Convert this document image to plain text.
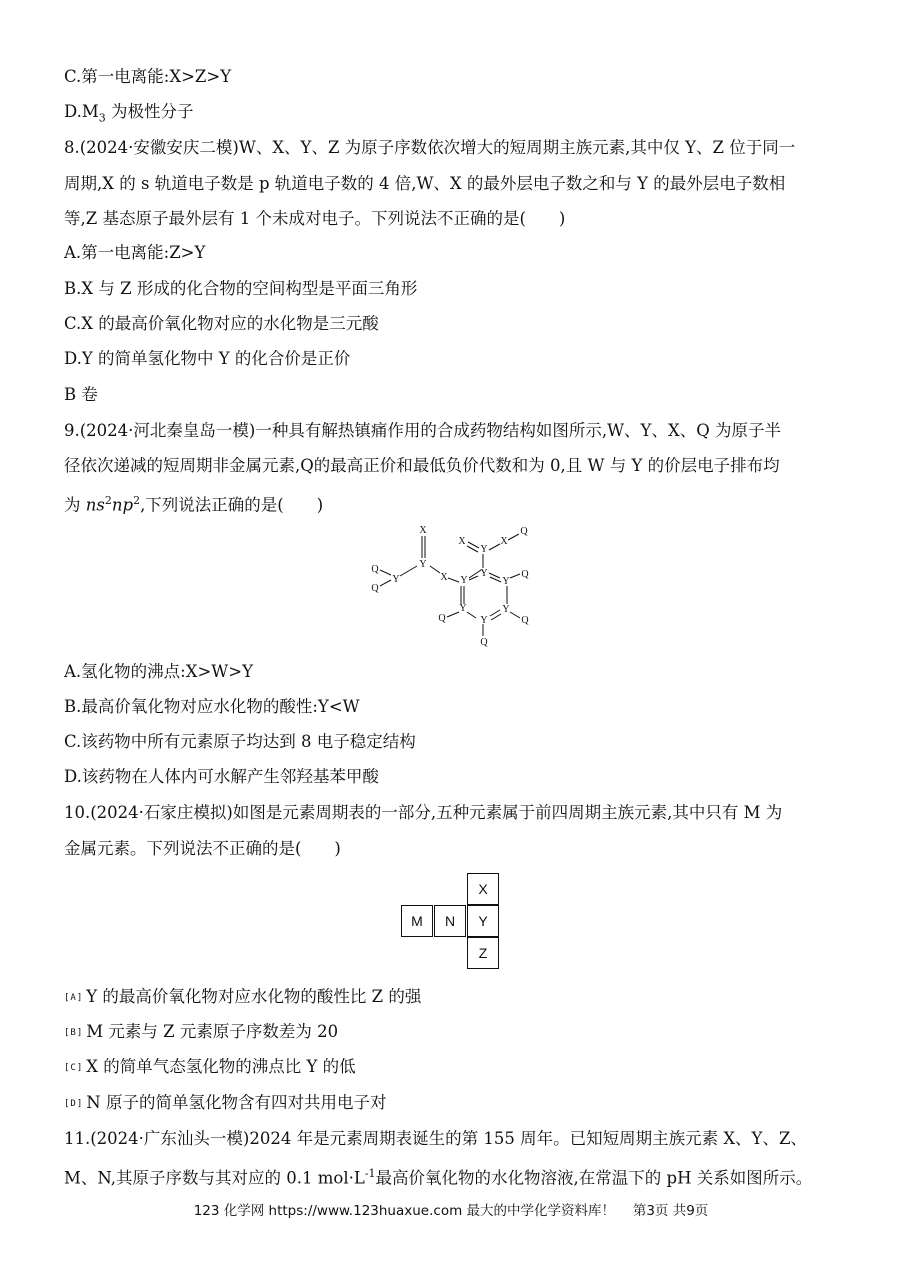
C.第一电离能:X>Z>Y
$D.M_3$ 为极性分子
8.(2024·安徽安庆二模)W、X、Y、Z 为原子序数依次增大的短周期主族元素,其中仅 Y、Z 位于同一
周期,X 的 s 轨道电子数是 p 轨道电子数的 4 倍,W、X 的最外层电子数之和与 Y 的最外层电子数相
等,Z 基态原子最外层有 1 个未成对电子。下列说法不正确的是(　　)
A.第一电离能:Z>Y
B.X 与 Z 形成的化合物的空间构型是平面三角形
C.X 的最高价氧化物对应的水化物是三元酸
D.Y 的简单氢化物中 Y 的化合价是正价
B 卷
9.(2024·河北秦皇岛一模)一种具有解热镇痛作用的合成药物结构如图所示,W、Y、X、Q 为原子半
径依次递减的短周期非金属元素,Q的最高正价和最低负价代数和为 0,且 W 与 Y 的价层电子排布均
为 $ns^2np^2$,下列说法正确的是(　　)
X
Y
Q
Q
Y	X Y
X
Y
X
Q
Y	Q
Y
Q
Y
Q
Y
Q
Y
A.氢化物的沸点:X>W>Y
B.最高价氧化物对应水化物的酸性:Y<W
C.该药物中所有元素原子均达到 8 电子稳定结构
D.该药物在人体内可水解产生邻羟基苯甲酸
10.(2024·石家庄模拟)如图是元素周期表的一部分,五种元素属于前四周期主族元素,其中只有 M 为
金属元素。下列说法不正确的是(　　)
X
M	N	Y
Z
[A] Y 的最高价氧化物对应水化物的酸性比 Z 的强
[B] M 元素与 Z 元素原子序数差为 20
[C] X 的简单气态氢化物的沸点比 Y 的低
[D] N 原子的简单氢化物含有四对共用电子对
11.(2024·广东汕头一模)2024 年是元素周期表诞生的第 155 周年。已知短周期主族元素 X、Y、Z、
M、N,其原子序数与其对应的 0.1 $mol\cdot L^{-1}$最高价氧化物的水化物溶液,在常温下的 pH 关系如图所示。
123 化学网 https://www.123huaxue.com 最大的中学化学资料库！　 第3页 共9页
